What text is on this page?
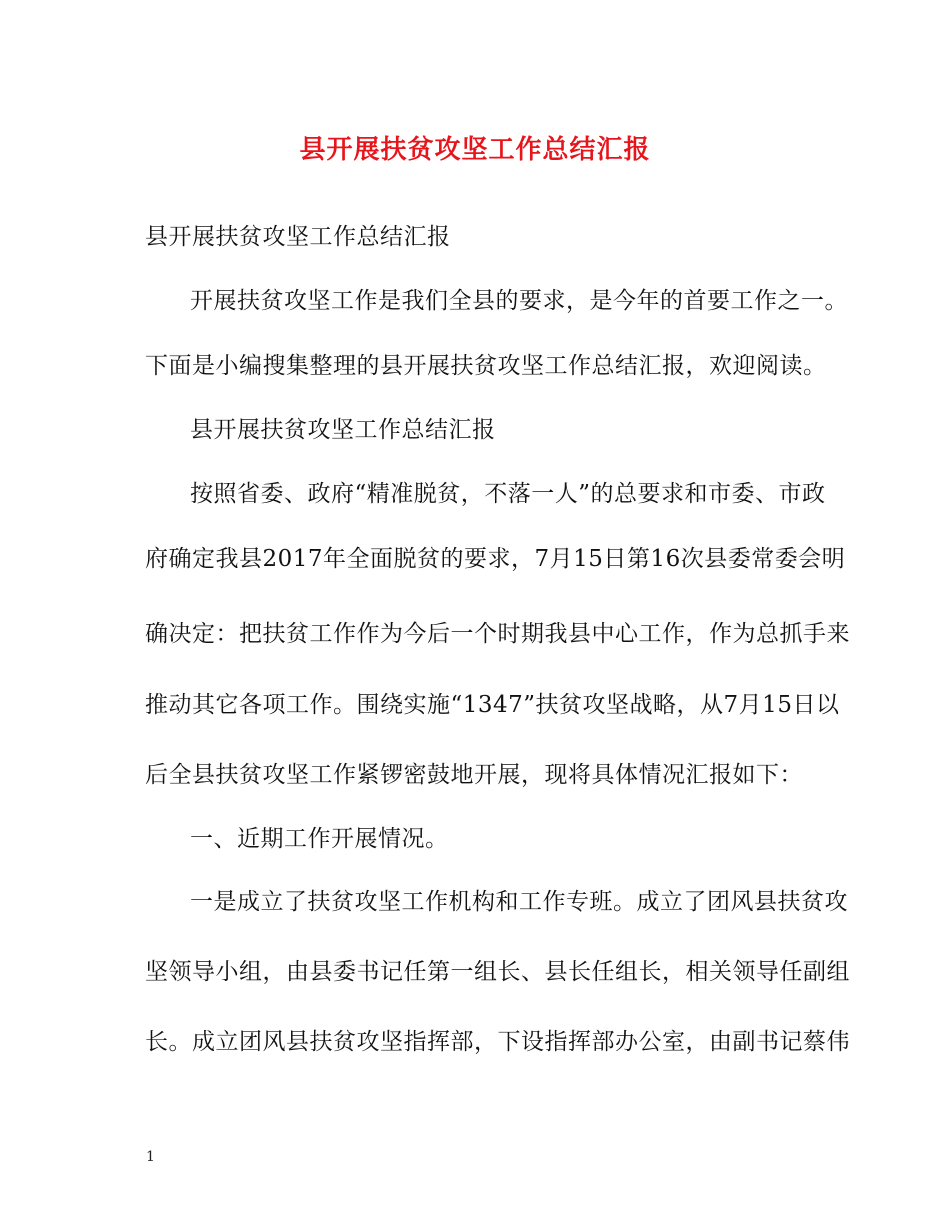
县开展扶贫攻坚工作总结汇报
县开展扶贫攻坚工作总结汇报
开展扶贫攻坚工作是我们全县的要求，是今年的首要工作之一。
下面是小编搜集整理的县开展扶贫攻坚工作总结汇报，欢迎阅读。
县开展扶贫攻坚工作总结汇报
按照省委、政府“精准脱贫，不落一人”的总要求和市委、市政
府确定我县2017年全面脱贫的要求，7月15日第16次县委常委会明
确决定：把扶贫工作作为今后一个时期我县中心工作，作为总抓手来
推动其它各项工作。围绕实施“1347”扶贫攻坚战略，从7月15日以
后全县扶贫攻坚工作紧锣密鼓地开展，现将具体情况汇报如下：
一、近期工作开展情况。
一是成立了扶贫攻坚工作机构和工作专班。成立了团风县扶贫攻
坚领导小组，由县委书记任第一组长、县长任组长，相关领导任副组
长。成立团风县扶贫攻坚指挥部，下设指挥部办公室，由副书记蔡伟
1
